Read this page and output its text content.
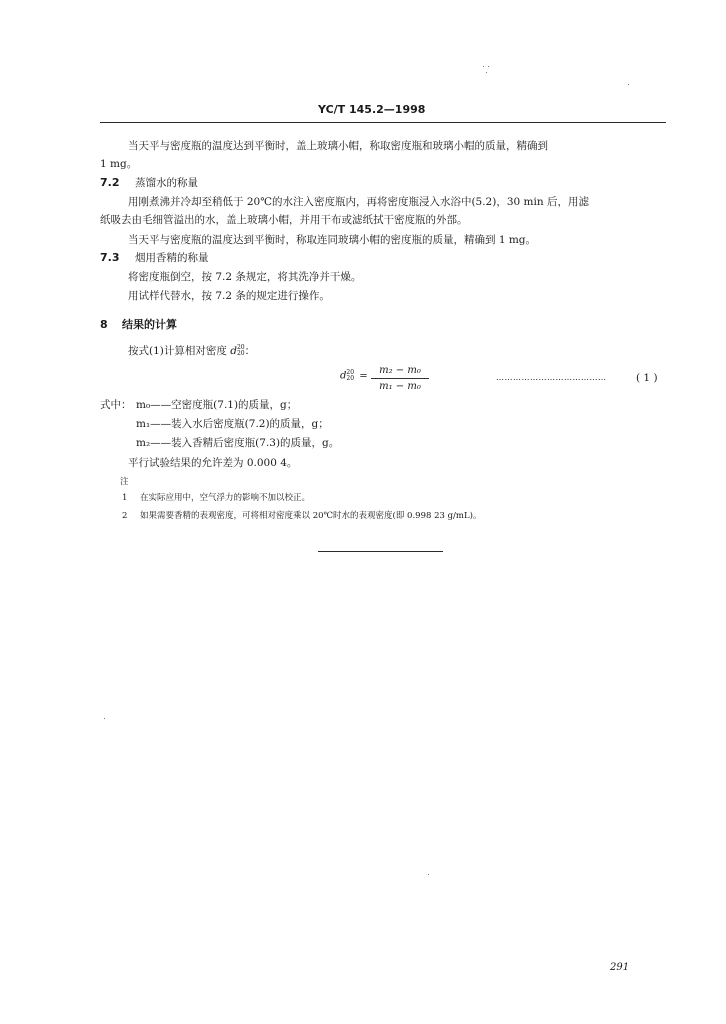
YC/T 145.2—1998
当天平与密度瓶的温度达到平衡时，盖上玻璃小帽，称取密度瓶和玻璃小帽的质量，精确到
1 mg。
7.2 蒸馏水的称量
用刚煮沸并冷却至稍低于 20℃的水注入密度瓶内，再将密度瓶浸入水浴中(5.2)，30 min 后，用滤
纸吸去由毛细管溢出的水，盖上玻璃小帽，并用干布或滤纸拭干密度瓶的外部。
当天平与密度瓶的温度达到平衡时，称取连同玻璃小帽的密度瓶的质量，精确到 1 mg。
7.3 烟用香精的称量
将密度瓶倒空，按 7.2 条规定，将其洗净并干燥。
用试样代替水，按 7.2 条的规定进行操作。
8 结果的计算
按式(1)计算相对密度 d 20
20 ：
d 20
20 =	m₂ − m₀
m₁ − m₀
…………………………………	( 1 )
式中： m₀——空密度瓶(7.1)的质量，g；
m₁——装入水后密度瓶(7.2)的质量，g；
m₂——装入香精后密度瓶(7.3)的质量，g。
平行试验结果的允许差为 0.000 4。
注
1 在实际应用中，空气浮力的影响不加以校正。
2 如果需要香精的表观密度，可将相对密度乘以 20℃时水的表观密度(即 0.998 23 g/mL)。
291
